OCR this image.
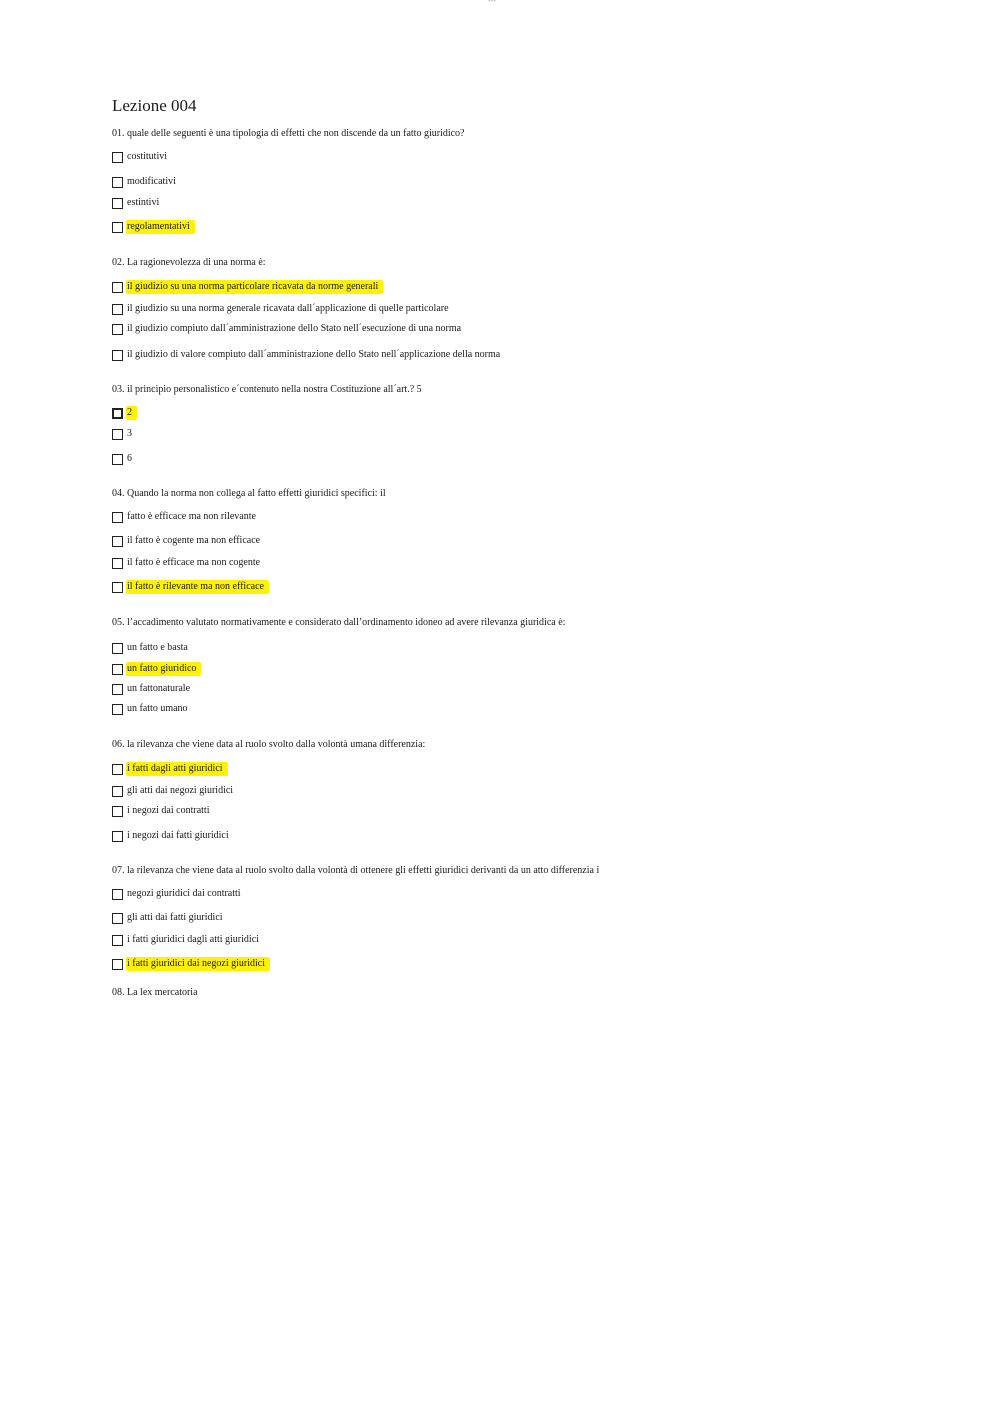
---
Lezione 004
01. quale delle seguenti è una tipologia di effetti che non discende da un fatto giuridico?
costitutivi
modificativi
estintivi
regolamentativi
02. La ragionevolezza di una norma è:
il giudizio su una norma particolare ricavata da norme generali
il giudizio su una norma generale ricavata dall´applicazione di quelle particolare
il giudizio compiuto dall´amministrazione dello Stato nell´esecuzione di una norma
il giudizio di valore compiuto dall´amministrazione dello Stato nell´applicazione della norma
03. il principio personalistico e´contenuto nella nostra Costituzione all´art.? 5
2
3
6
04. Quando la norma non collega al fatto effetti giuridici specifici: il
fatto è efficace ma non rilevante
il fatto è cogente ma non efficace
il fatto è efficace ma non cogente
il fatto è rilevante ma non efficace
05. l’accadimento valutato normativamente e considerato dall’ordinamento idoneo ad avere rilevanza giuridica è:
un fatto e basta
un fatto giuridico
un fattonaturale
un fatto umano
06. la rilevanza che viene data al ruolo svolto dalla volontà umana differenzia:
i fatti dagli atti giuridici
gli atti dai negozi giuridici
i negozi dai contratti
i negozi dai fatti giuridici
07. la rilevanza che viene data al ruolo svolto dalla volontà di ottenere gli effetti giuridici derivanti da un atto differenzia i
negozi giuridici dai contratti
gli atti dai fatti giuridici
i fatti giuridici dagli atti giuridici
i fatti giuridici dai negozi giuridici
08. La lex mercatoria
